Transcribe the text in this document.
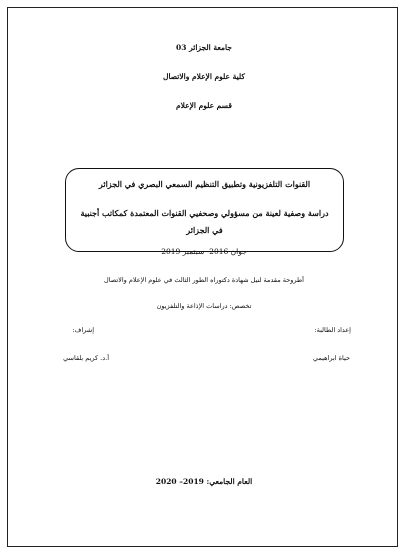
جامعة الجزائر 03
كلية علوم الإعلام والاتصال
قسم علوم الإعلام
القنوات التلفزيونية وتطبيق التنظيم السمعي البصري في الجزائر
دراسة وصفية لعينة من مسؤولي وصحفيي القنوات المعتمدة كمكاتب أجنبية في الجزائر
جوان 2016- سبتمبر 2019
أطروحة مقدمة لنيل شهادة دكتوراه الطور الثالث في علوم الإعلام والاتصال
تخصص: دراسات الإذاعة والتلفزيون
إعداد الطالبة:
إشراف:
حياة ابراهيمي
أ.د. كريم بلقاسي
العام الجامعي: 2019– 2020
